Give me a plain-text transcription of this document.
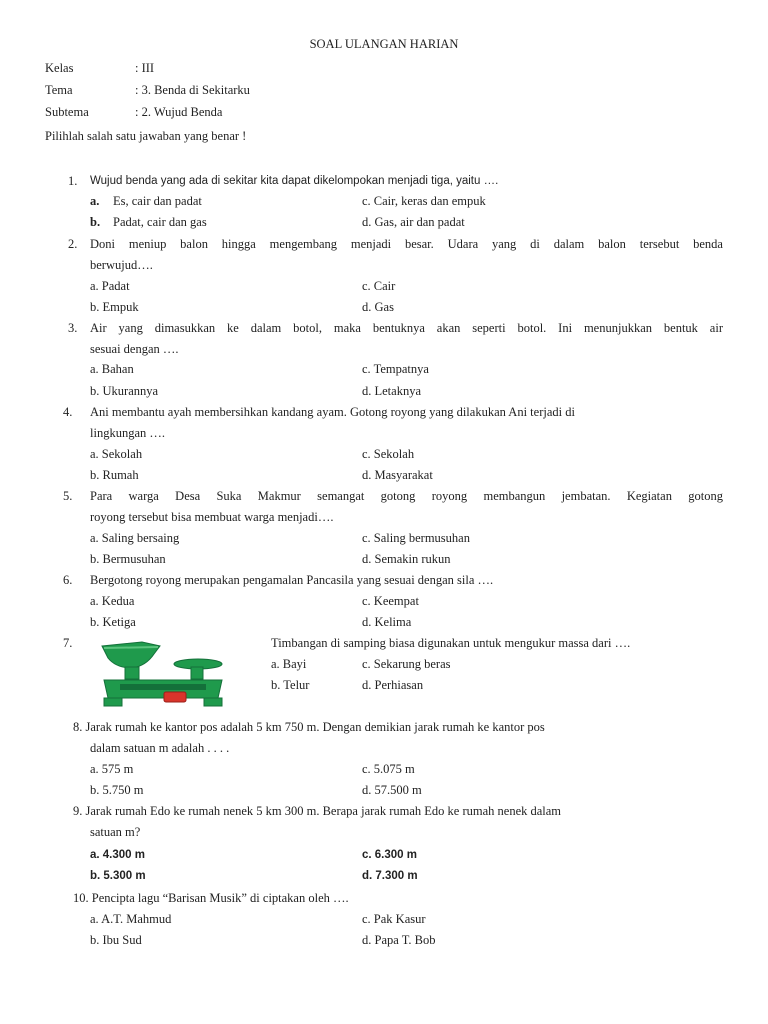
SOAL ULANGAN HARIAN
Kelas	: III
Tema	: 3. Benda di Sekitarku
Subtema	: 2. Wujud Benda
Pilihlah salah satu jawaban yang benar !
1. Wujud benda yang ada di sekitar kita dapat dikelompokan menjadi tiga, yaitu ….
a. Es, cair dan padat	c. Cair, keras dan empuk
b. Padat, cair dan gas	d. Gas, air dan padat
2. Doni meniup balon hingga mengembang menjadi besar. Udara yang di dalam balon tersebut benda
berwujud….
a. Padat	c. Cair
b. Empuk	d. Gas
3. Air yang dimasukkan ke dalam botol, maka bentuknya akan seperti botol. Ini menunjukkan bentuk air
sesuai dengan ….
a. Bahan	c. Tempatnya
b. Ukurannya	d. Letaknya
4. Ani membantu ayah membersihkan kandang ayam. Gotong royong yang dilakukan Ani terjadi di
lingkungan ….
a. Sekolah	c. Sekolah
b. Rumah	d. Masyarakat
5. Para warga Desa Suka Makmur semangat gotong royong membangun jembatan. Kegiatan gotong
royong tersebut bisa membuat warga menjadi….
a. Saling bersaing	c. Saling bermusuhan
b. Bermusuhan	d. Semakin rukun
6. Bergotong royong merupakan pengamalan Pancasila yang sesuai dengan sila ….
a. Kedua	c. Keempat
b. Ketiga	d. Kelima
7.	Timbangan di samping biasa digunakan untuk mengukur massa dari ….
a. Bayi	c. Sekarung beras
b. Telur	d. Perhiasan
8. Jarak rumah ke kantor pos adalah 5 km 750 m. Dengan demikian jarak rumah ke kantor pos
dalam satuan m adalah . . . .
a. 575 m	c. 5.075 m
b. 5.750 m	d. 57.500 m
9. Jarak rumah Edo ke rumah nenek 5 km 300 m. Berapa jarak rumah Edo ke rumah nenek dalam
satuan m?
a. 4.300 m	c. 6.300 m
b. 5.300 m	d. 7.300 m
10. Pencipta lagu “Barisan Musik” di ciptakan oleh ….
a. A.T. Mahmud	c. Pak Kasur
b. Ibu Sud	d. Papa T. Bob
